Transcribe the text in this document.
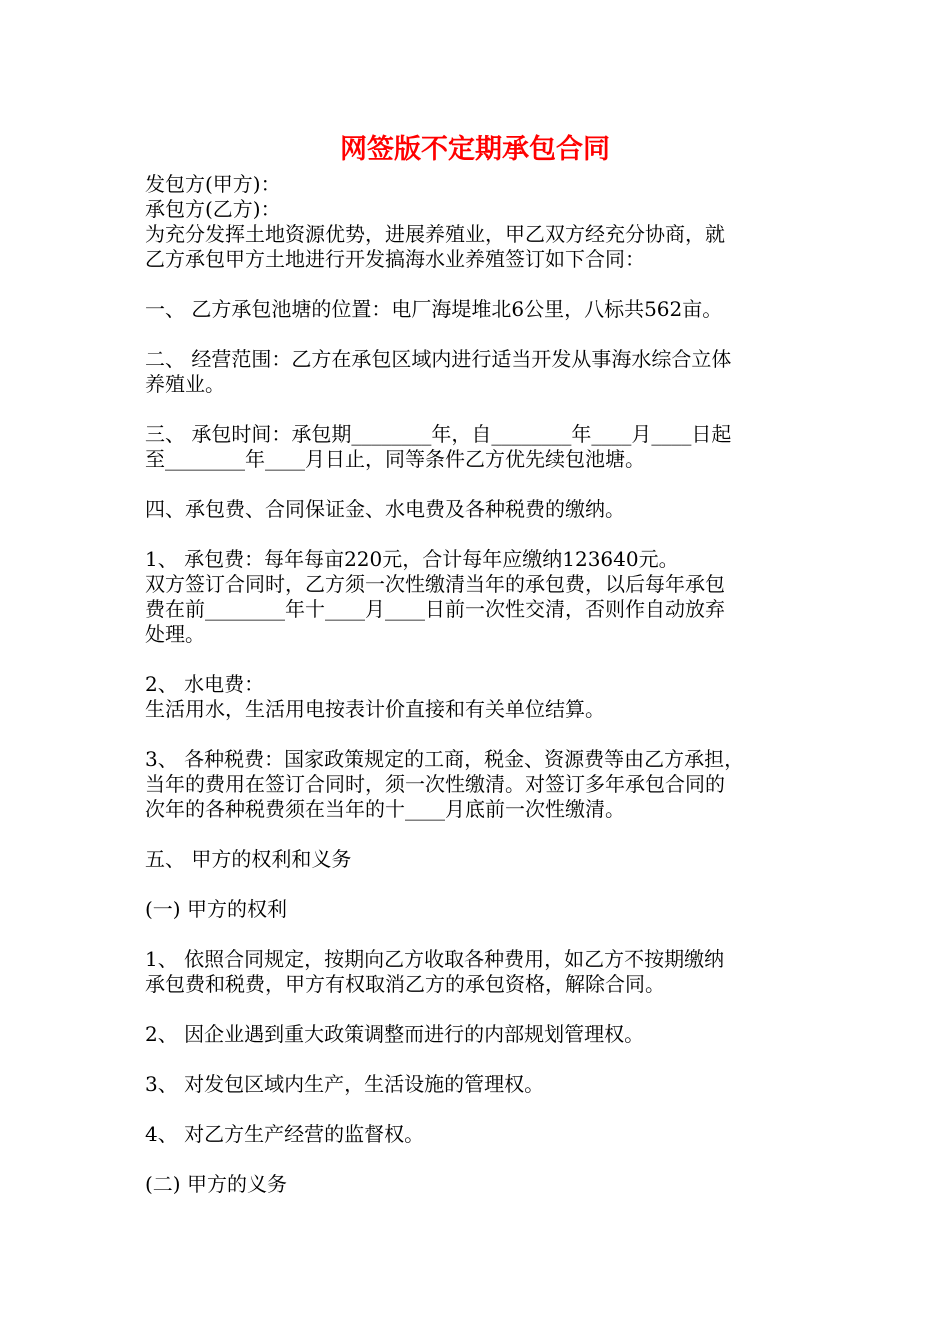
网签版不定期承包合同
发包方(甲方)：
承包方(乙方)：
为充分发挥土地资源优势，进展养殖业，甲乙双方经充分协商，就
乙方承包甲方土地进行开发搞海水业养殖签订如下合同：
一、 乙方承包池塘的位置：电厂海堤堆北6公里，八标共562亩。
二、 经营范围：乙方在承包区域内进行适当开发从事海水综合立体
养殖业。
三、 承包时间：承包期________年，自________年____月____日起
至________年____月日止，同等条件乙方优先续包池塘。
四、承包费、合同保证金、水电费及各种税费的缴纳。
1、 承包费：每年每亩220元，合计每年应缴纳123640元。
双方签订合同时，乙方须一次性缴清当年的承包费，以后每年承包
费在前________年十____月____日前一次性交清，否则作自动放弃
处理。
2、 水电费：
生活用水，生活用电按表计价直接和有关单位结算。
3、 各种税费：国家政策规定的工商，税金、资源费等由乙方承担，
当年的费用在签订合同时，须一次性缴清。对签订多年承包合同的
次年的各种税费须在当年的十____月底前一次性缴清。
五、 甲方的权利和义务
(一) 甲方的权利
1、 依照合同规定，按期向乙方收取各种费用，如乙方不按期缴纳
承包费和税费，甲方有权取消乙方的承包资格，解除合同。
2、 因企业遇到重大政策调整而进行的内部规划管理权。
3、 对发包区域内生产，生活设施的管理权。
4、 对乙方生产经营的监督权。
(二) 甲方的义务
